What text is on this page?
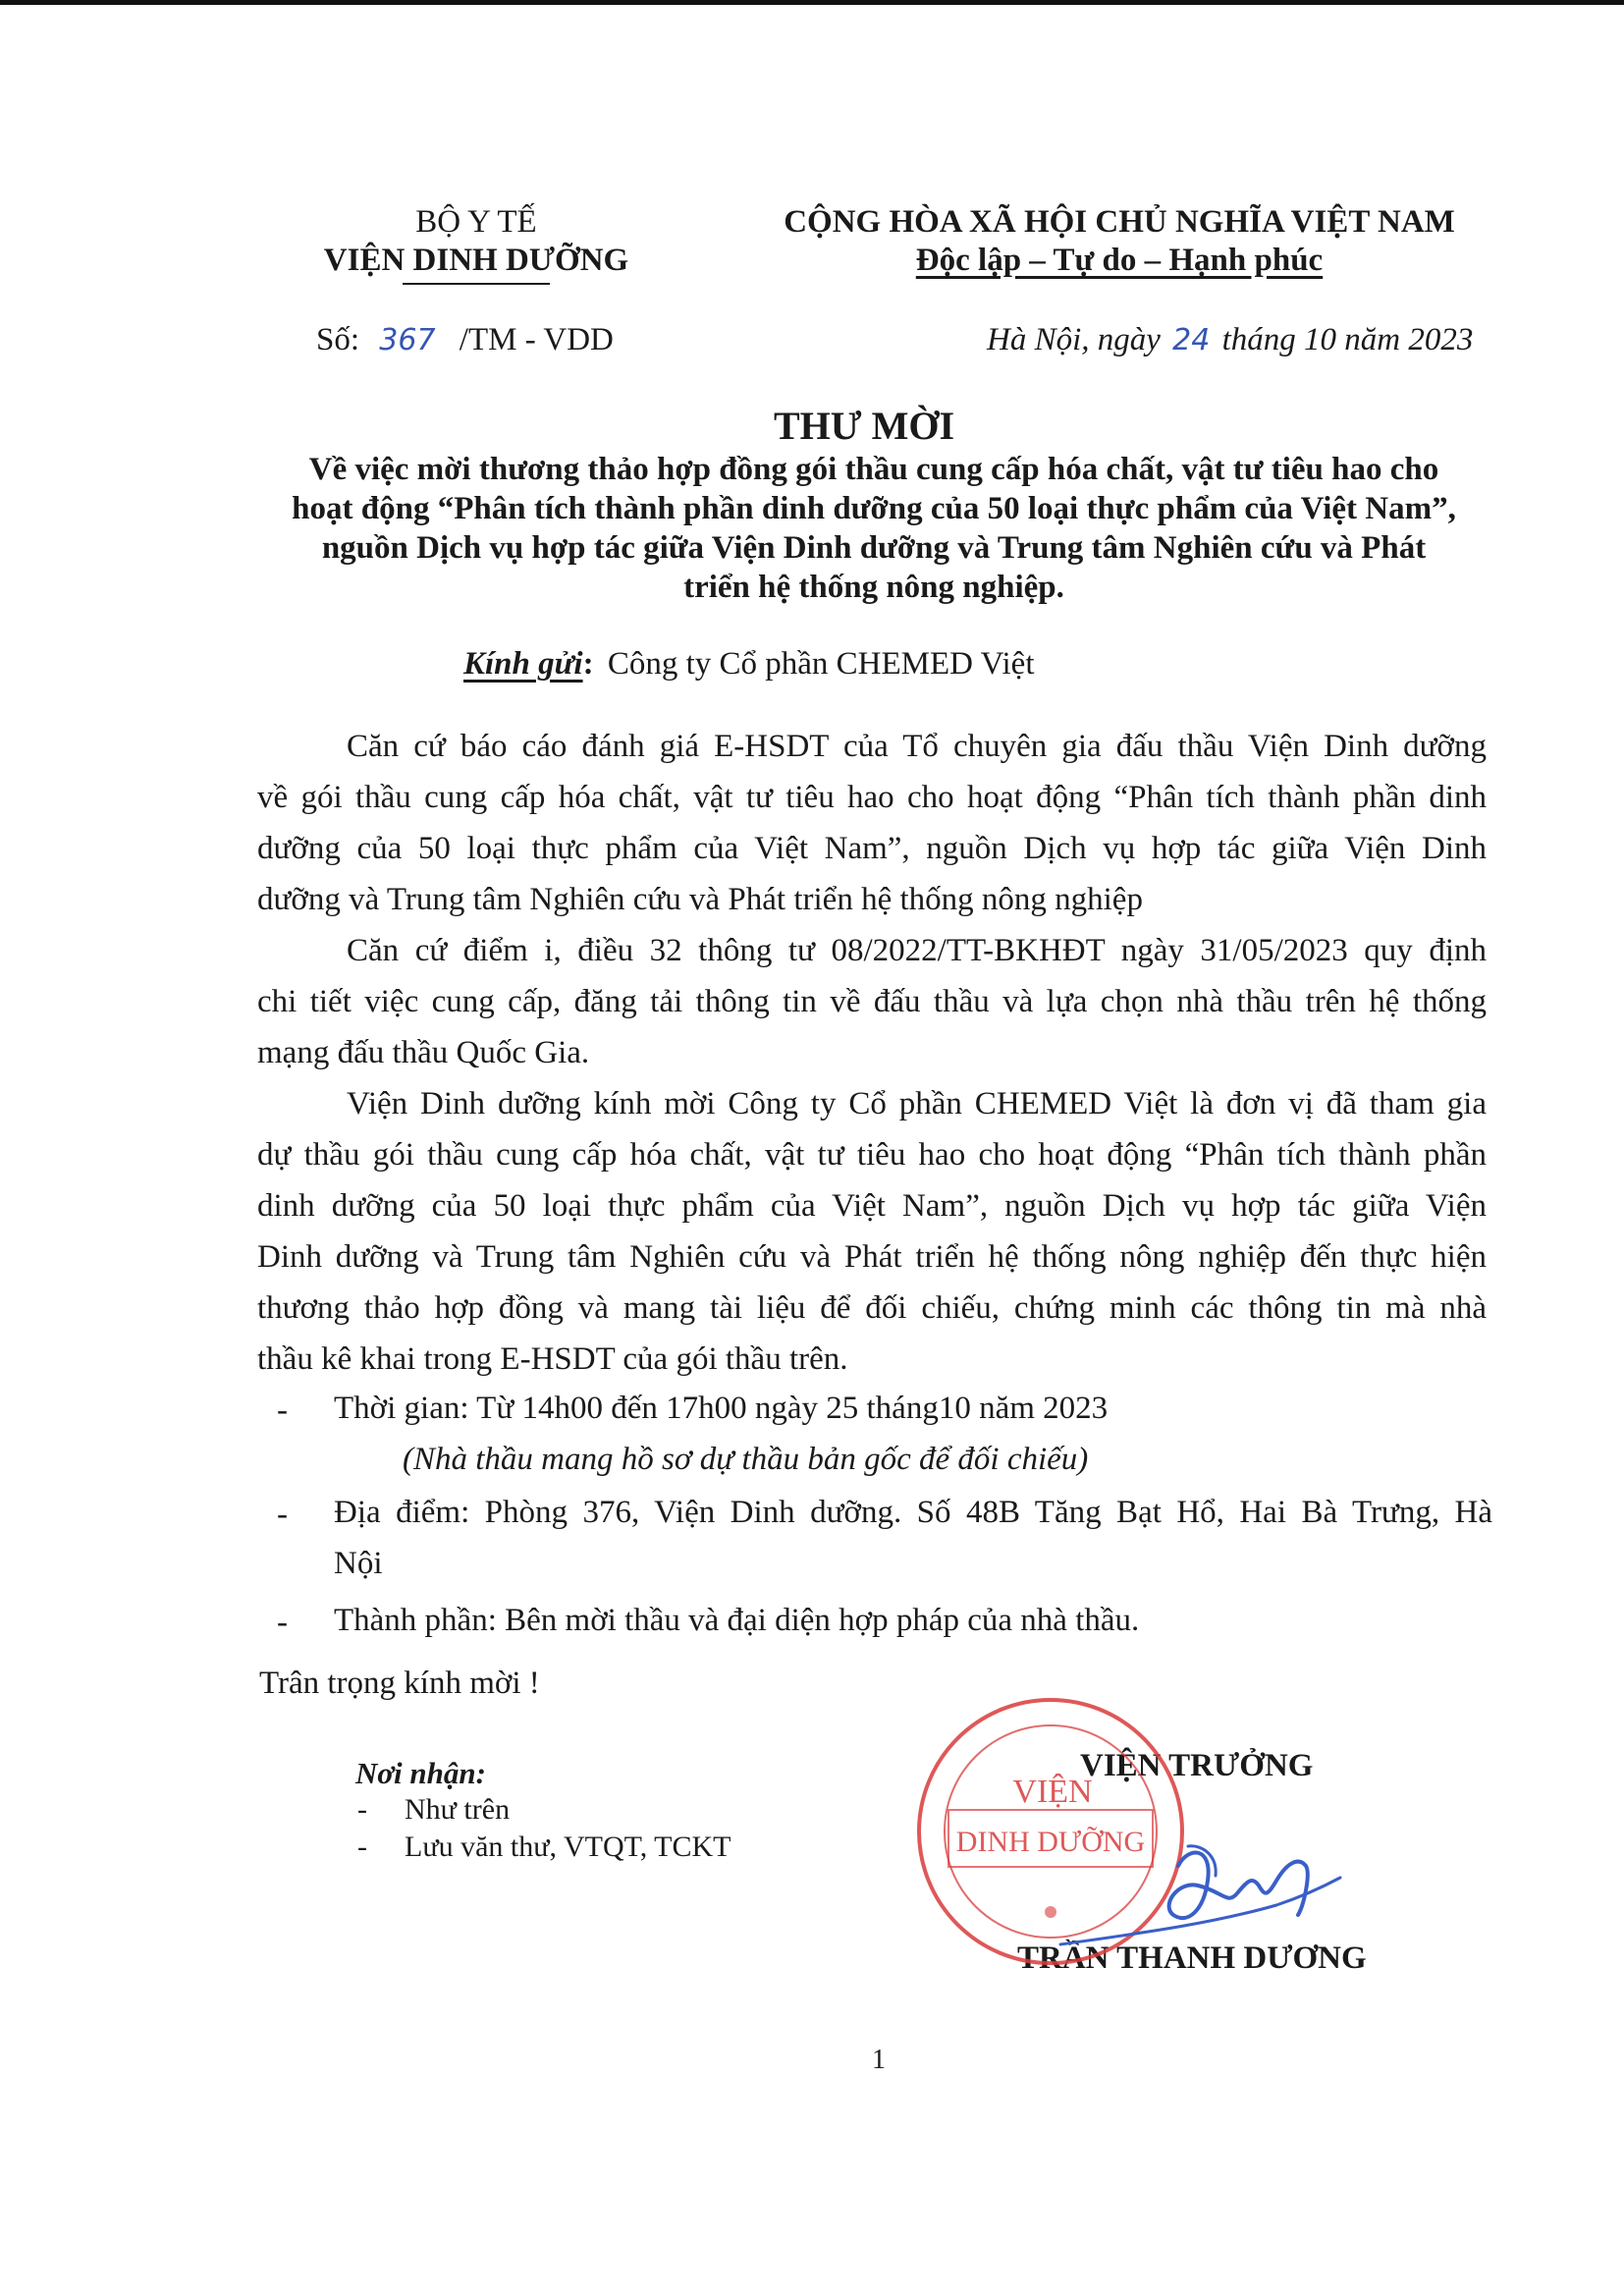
BỘ Y TẾ
VIỆN DINH DƯỠNG
CỘNG HÒA XÃ HỘI CHỦ NGHĨA VIỆT NAM
Độc lập – Tự do – Hạnh phúc
Số: 367 /TM - VDD	Hà Nội, ngày 24 tháng 10 năm 2023
THƯ MỜI
Về việc mời thương thảo hợp đồng gói thầu cung cấp hóa chất, vật tư tiêu hao cho
hoạt động “Phân tích thành phần dinh dưỡng của 50 loại thực phẩm của Việt Nam”,
nguồn Dịch vụ hợp tác giữa Viện Dinh dưỡng và Trung tâm Nghiên cứu và Phát
triển hệ thống nông nghiệp.
Kính gửi: Công ty Cổ phần CHEMED Việt
Căn cứ báo cáo đánh giá E-HSDT của Tổ chuyên gia đấu thầu Viện Dinh dưỡng
về gói thầu cung cấp hóa chất, vật tư tiêu hao cho hoạt động “Phân tích thành phần dinh
dưỡng của 50 loại thực phẩm của Việt Nam”, nguồn Dịch vụ hợp tác giữa Viện Dinh
dưỡng và Trung tâm Nghiên cứu và Phát triển hệ thống nông nghiệp
Căn cứ điểm i, điều 32 thông tư 08/2022/TT-BKHĐT ngày 31/05/2023 quy định
chi tiết việc cung cấp, đăng tải thông tin về đấu thầu và lựa chọn nhà thầu trên hệ thống
mạng đấu thầu Quốc Gia.
Viện Dinh dưỡng kính mời Công ty Cổ phần CHEMED Việt là đơn vị đã tham gia
dự thầu gói thầu cung cấp hóa chất, vật tư tiêu hao cho hoạt động “Phân tích thành phần
dinh dưỡng của 50 loại thực phẩm của Việt Nam”, nguồn Dịch vụ hợp tác giữa Viện
Dinh dưỡng và Trung tâm Nghiên cứu và Phát triển hệ thống nông nghiệp đến thực hiện
thương thảo hợp đồng và mang tài liệu để đối chiếu, chứng minh các thông tin mà nhà
thầu kê khai trong E-HSDT của gói thầu trên.
- Thời gian: Từ 14h00 đến 17h00 ngày 25 tháng10 năm 2023
(Nhà thầu mang hồ sơ dự thầu bản gốc để đối chiếu)
- Địa điểm: Phòng 376, Viện Dinh dưỡng. Số 48B Tăng Bạt Hổ, Hai Bà Trưng, Hà
Nội
- Thành phần: Bên mời thầu và đại diện hợp pháp của nhà thầu.
Trân trọng kính mời !
Nơi nhận:
- Như trên
- Lưu văn thư, VTQT, TCKT
VIỆN TRƯỞNG
TRẦN THANH DƯƠNG
VIỆN
DINH DƯỠNG
1
